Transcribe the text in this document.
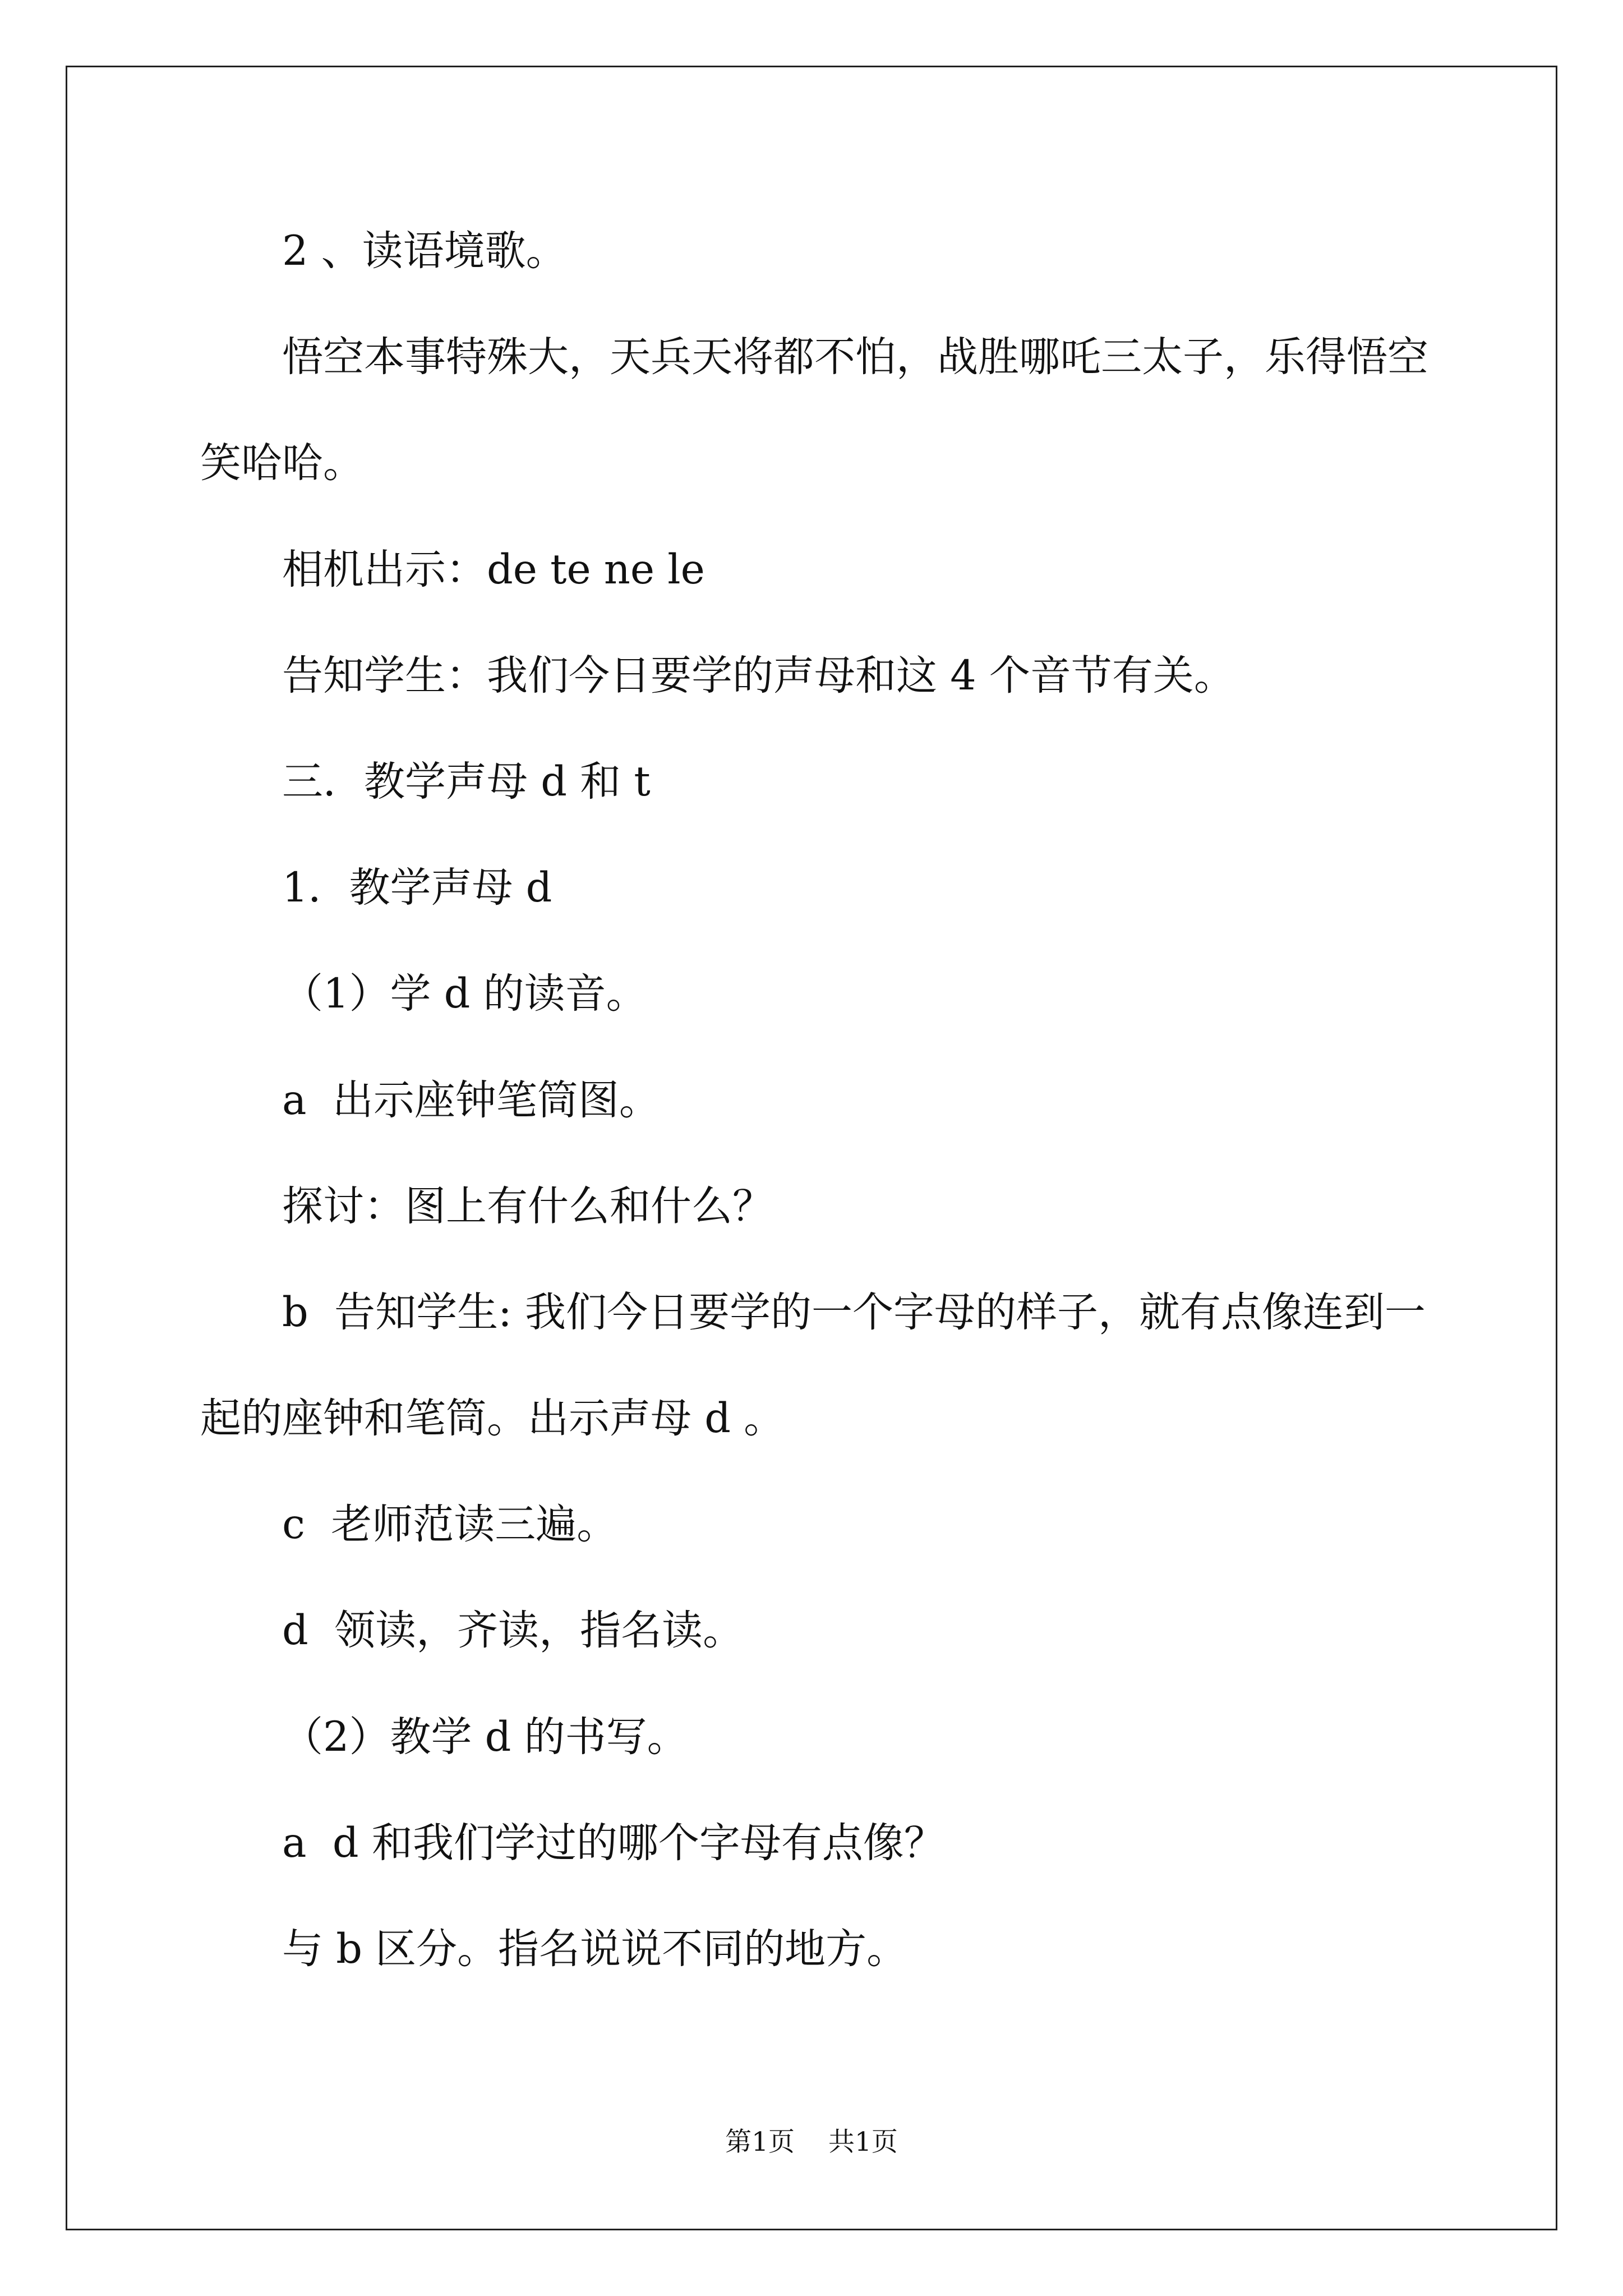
2 、读语境歌。
悟空本事特殊大，天兵天将都不怕，战胜哪吒三太子，乐得悟空
笑哈哈。
相机出示：de te ne le
告知学生：我们今日要学的声母和这 4 个音节有关。
三．教学声母 d 和 t
1．教学声母 d
（1）学 d 的读音。
a  出示座钟笔筒图。
探讨：图上有什么和什么？
b  告知学生: 我们今日要学的一个字母的样子，就有点像连到一
起的座钟和笔筒。出示声母 d 。
c  老师范读三遍。
d  领读，齐读，指名读。
（2）教学 d 的书写。
a  d 和我们学过的哪个字母有点像？
与 b 区分。指名说说不同的地方。
第1页 共1页
